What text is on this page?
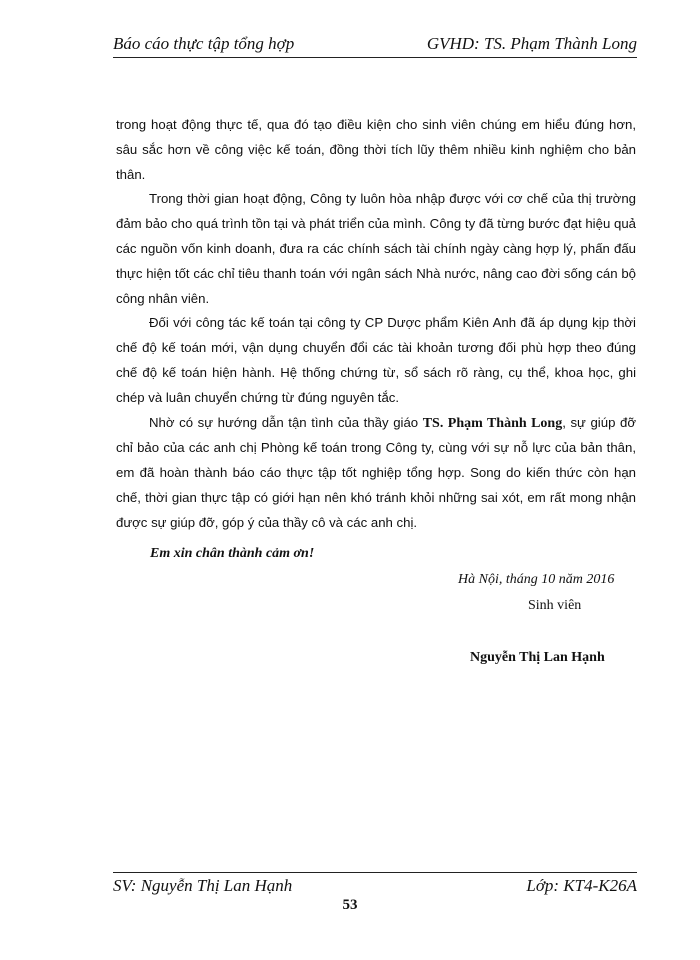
Báo cáo thực tập tổng hợp	GVHD: TS. Phạm Thành Long

trong hoạt động thực tế, qua đó tạo điều kiện cho sinh viên chúng em hiểu đúng hơn, sâu sắc hơn về công việc kế toán, đồng thời tích lũy thêm nhiều kinh nghiệm cho bản thân.

Trong thời gian hoạt động, Công ty luôn hòa nhập được với cơ chế của thị trường đảm bảo cho quá trình tồn tại và phát triển của mình. Công ty đã từng bước đạt hiệu quả các nguồn vốn kinh doanh, đưa ra các chính sách tài chính ngày càng hợp lý, phấn đấu thực hiện tốt các chỉ tiêu thanh toán với ngân sách Nhà nước, nâng cao đời sống cán bộ công nhân viên.

Đối với công tác kế toán tại công ty CP Dược phẩm Kiên Anh đã áp dụng kịp thời chế độ kế toán mới, vận dụng chuyển đổi các tài khoản tương đối phù hợp theo đúng chế độ kế toán hiện hành. Hệ thống chứng từ, sổ sách rõ ràng, cụ thể, khoa học, ghi chép và luân chuyển chứng từ đúng nguyên tắc.

Nhờ có sự hướng dẫn tận tình của thầy giáo TS. Phạm Thành Long, sự giúp đỡ chỉ bảo của các anh chị Phòng kế toán trong Công ty, cùng với sự nỗ lực của bản thân, em đã hoàn thành báo cáo thực tập tốt nghiệp tổng hợp. Song do kiến thức còn hạn chế, thời gian thực tập có giới hạn nên khó tránh khỏi những sai xót, em rất mong nhận được sự giúp đỡ, góp ý của thầy cô và các anh chị.

Em xin chân thành cảm ơn!
Hà Nội, tháng 10 năm 2016
Sinh viên
Nguyễn Thị Lan Hạnh
SV: Nguyễn Thị Lan Hạnh	Lớp: KT4-K26A
53
